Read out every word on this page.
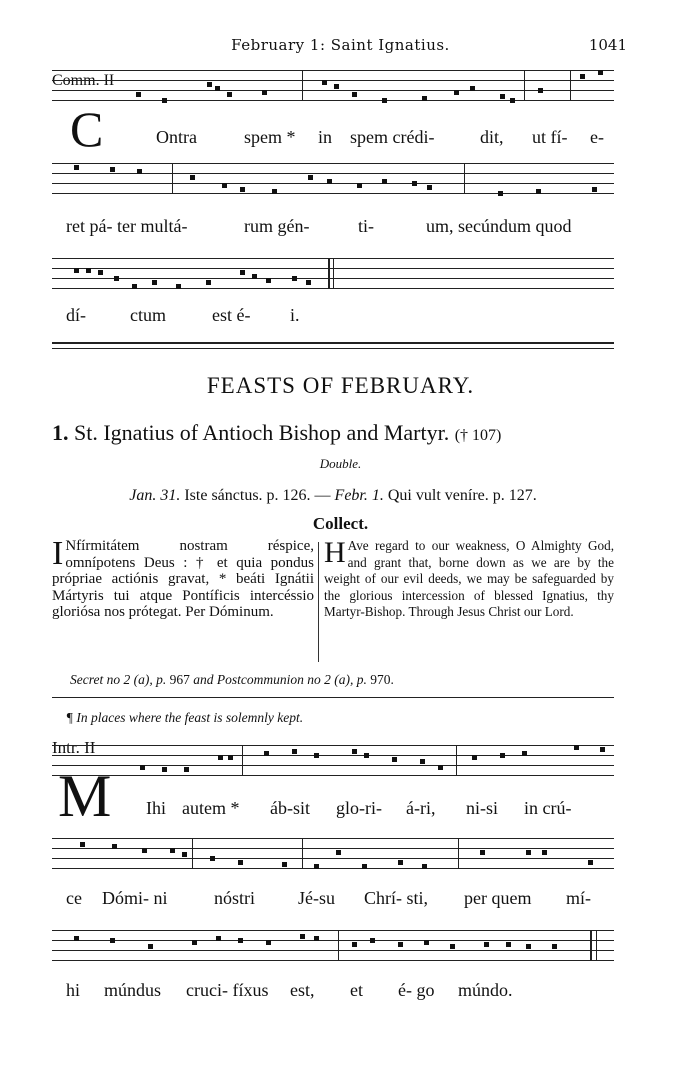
February 1: Saint Ignatius.	1041
Comm. II
C	Ontra	spem * in spem crédi-	dit, ut fí- e-
ret pá- ter multá-	rum gén-	ti-	um, secúndum quod
dí- ctum	est é- i.
FEASTS OF FEBRUARY.
1. St. Ignatius of Antioch Bishop and Martyr. († 107)
Double.
Jan. 31. Iste sánctus. p. 126. — Febr. 1. Qui vult veníre. p. 127.
Collect.
I Nfírmitátem nostram réspice, omnípotens Deus : † et quia pondus própriae actiónis gravat, * beáti Ignátii Mártyris tui atque Pontíficis intercéssio gloriósa nos prótegat. Per Dóminum.
H Ave regard to our weakness, O Almighty God, and grant that, borne down as we are by the weight of our evil deeds, we may be safeguarded by the glorious intercession of blessed Ignatius, thy Martyr-Bishop. Through Jesus Christ our Lord.
Secret no 2 (a), p. 967 and Postcommunion no 2 (a), p. 970.
¶ In places where the feast is solemnly kept.
Intr. II
M Ihi autem * áb-sit glo-ri- á-ri, ni-si in crú-
ce Dómi- ni	nóstri Jé-su Chrí- sti, per quem mí-
hi múndus cruci- fíxus est, et é- go múndo.
